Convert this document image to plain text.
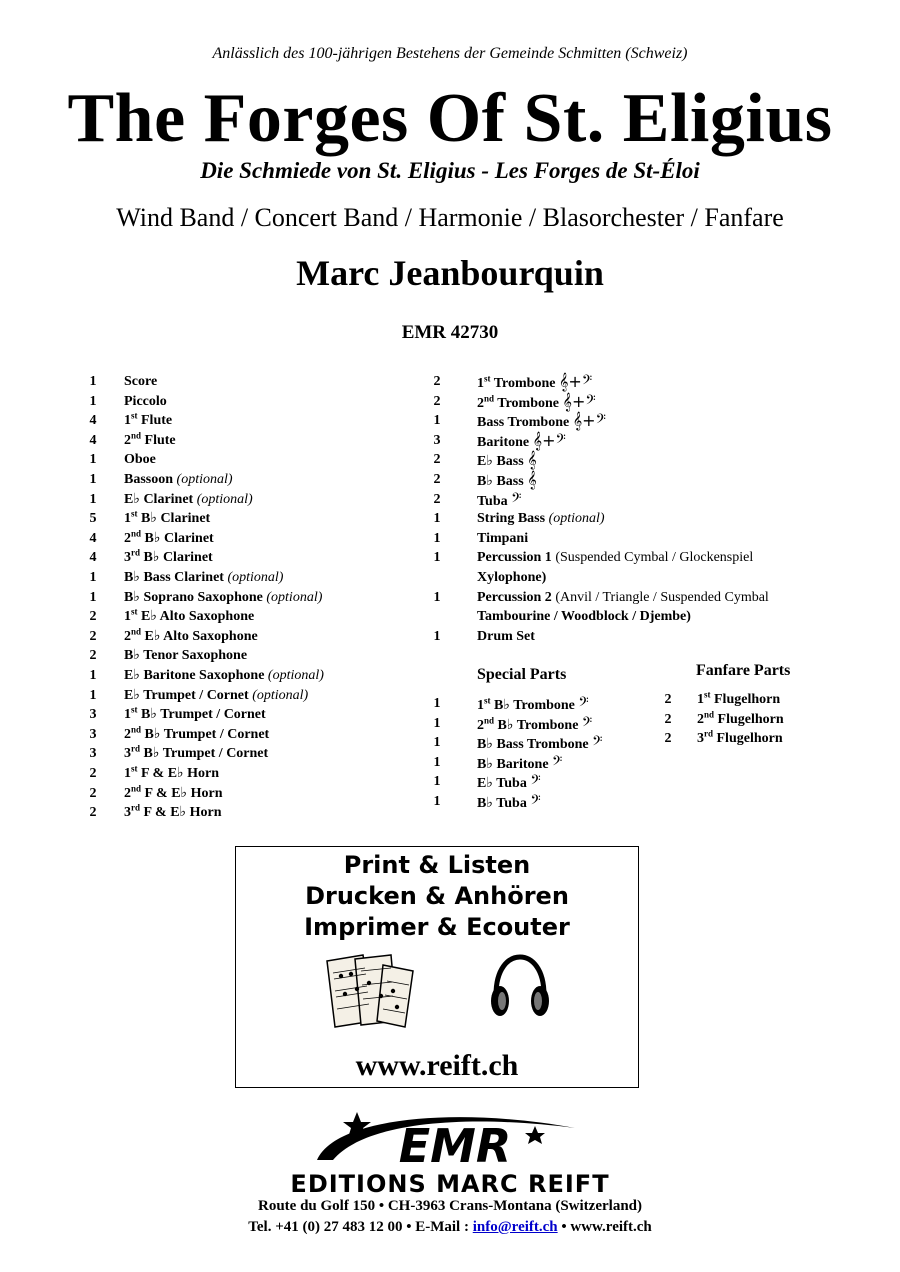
Anlässlich des 100-jährigen Bestehens der Gemeinde Schmitten (Schweiz)
The Forges Of St. Eligius
Die Schmiede von St. Eligius - Les Forges de St-Éloi
Wind Band / Concert Band / Harmonie / Blasorchester / Fanfare
Marc Jeanbourquin
EMR 42730
1	Score
1	Piccolo
4	1st Flute
4	2nd Flute
1	Oboe
1	Bassoon (optional)
1	E♭ Clarinet (optional)
5	1st B♭ Clarinet
4	2nd B♭ Clarinet
4	3rd B♭ Clarinet
1	B♭ Bass Clarinet (optional)
1	B♭ Soprano Saxophone (optional)
2	1st E♭ Alto Saxophone
2	2nd E♭ Alto Saxophone
2	B♭ Tenor Saxophone
1	E♭ Baritone Saxophone (optional)
1	E♭ Trumpet / Cornet (optional)
3	1st B♭ Trumpet / Cornet
3	2nd B♭ Trumpet / Cornet
3	3rd B♭ Trumpet / Cornet
2	1st F & E♭ Horn
2	2nd F & E♭ Horn
2	3rd F & E♭ Horn
2	1st Trombone 𝄞+𝄢
2	2nd Trombone 𝄞+𝄢
1	Bass Trombone 𝄞+𝄢
3	Baritone 𝄞+𝄢
2	E♭ Bass 𝄞
2	B♭ Bass 𝄞
2	Tuba 𝄢
1	String Bass (optional)
1	Timpani
1	Percussion 1 (Suspended Cymbal / Glockenspiel
Xylophone)
1	Percussion 2 (Anvil / Triangle / Suspended Cymbal
Tambourine / Woodblock / Djembe)
1	Drum Set
Special Parts
1	1st B♭ Trombone 𝄢
1	2nd B♭ Trombone 𝄢
1	B♭ Bass Trombone 𝄢
1	B♭ Baritone 𝄢
1	E♭ Tuba 𝄢
1	B♭ Tuba 𝄢
Fanfare Parts
2	1st Flugelhorn
2	2nd Flugelhorn
2	3rd Flugelhorn
Print & Listen
Drucken & Anhören
Imprimer & Ecouter
www.reift.ch
EMR
EDITIONS MARC REIFT
Route du Golf 150 • CH-3963 Crans-Montana (Switzerland)
Tel. +41 (0) 27 483 12 00 • E-Mail : info@reift.ch • www.reift.ch
